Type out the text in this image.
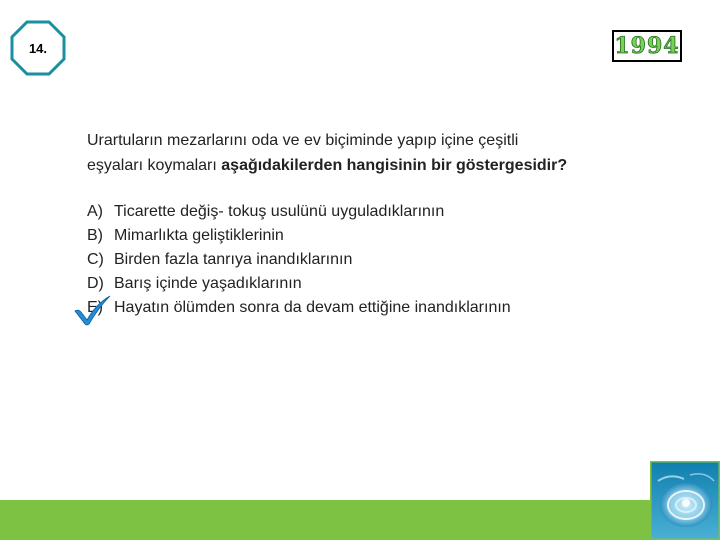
14.	1994
Urartuların mezarlarını oda ve ev biçiminde yapıp içine çeşitli
eşyaları koymaları aşağıdakilerden hangisinin bir göstergesidir?
A) Ticarette değiş- tokuş usulünü uyguladıklarının
B) Mimarlıkta geliştiklerinin
C) Birden fazla tanrıya inandıklarının
D) Barış içinde yaşadıklarının
E) Hayatın ölümden sonra da devam ettiğine inandıklarının
